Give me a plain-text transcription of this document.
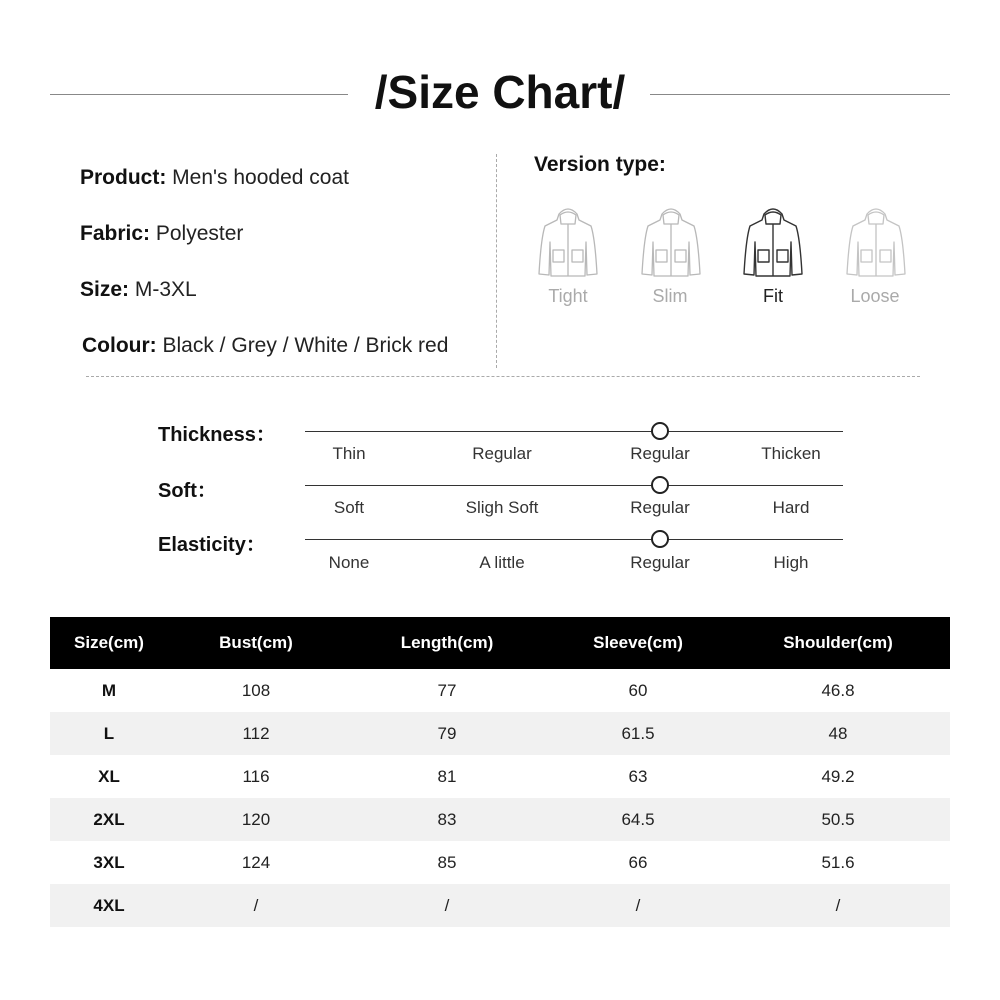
/Size Chart/
Product: Men's hooded coat
Fabric: Polyester
Size: M-3XL
Colour: Black / Grey / White / Brick red
Version type:
Tight	Slim	Fit	Loose
Thickness：
Thin	Regular	Regular	Thicken
Soft：
Soft	Sligh Soft	Regular	Hard
Elasticity：
None	A little	Regular	High
Size(cm)	Bust(cm)	Length(cm)	Sleeve(cm)	Shoulder(cm)
M	108	77	60	46.8
L	112	79	61.5	48
XL	116	81	63	49.2
2XL	120	83	64.5	50.5
3XL	124	85	66	51.6
4XL	/	/	/	/
